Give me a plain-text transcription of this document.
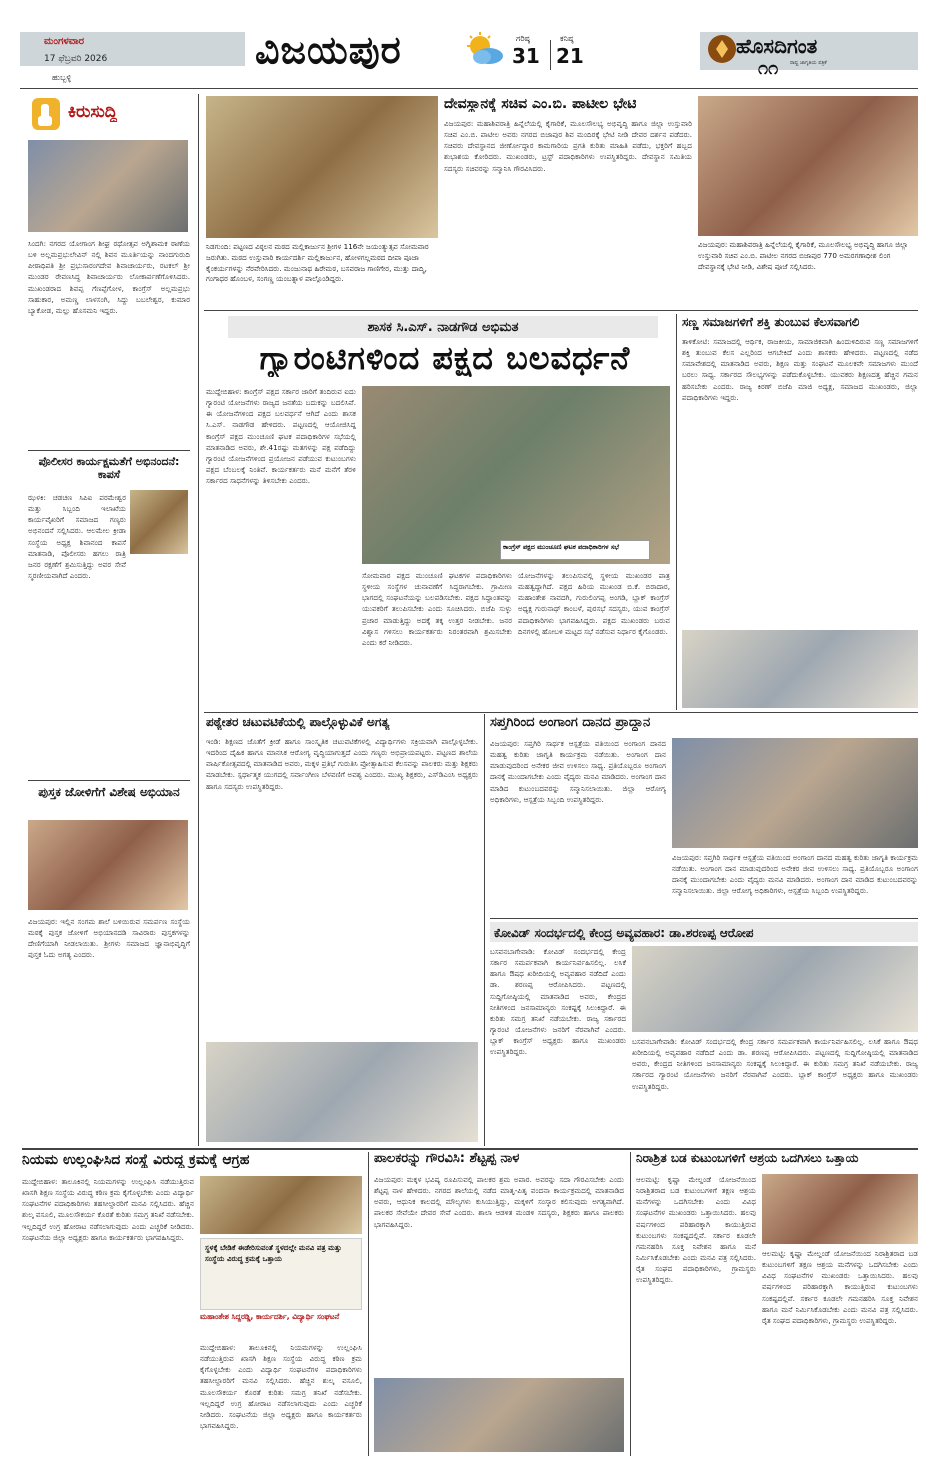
ಮಂಗಳವಾರ
17 ಫೆಬ್ರವರಿ 2026
ಹುಬ್ಬಳ್ಳಿ
ವಿಜಯಪುರ	ಗರಿಷ್ಠ
31
ಕನಿಷ್ಠ
21	ಹೊಸದಿಗಂತ
ರಾಷ್ಟ್ರ ಜಾಗೃತಿಯ ಪತ್ರಿಕೆ
೧೧
ಕಿರುಸುದ್ದಿ
ಸಿಂದಗಿ: ನಗರದ ಯೋಗಾಂಗ ಶೀಘ್ರ ರಥೋತ್ಸವ ಅಗ್ನಿಶಾಮಕ ಠಾಣೆಯ ಬಳಿ ಅಲ್ಲಮಪ್ರಭುಲೇವಿನ್ ನಲ್ಲಿ ಶಿವನ ಮೂರ್ತಿಯನ್ನು ನಾಂದಗುರುದಿ ಪೀಠಾಧಿಪತಿ ಶ್ರೀ ಪ್ರಭುಸಾರಂಗದೇವ ಶಿವಾಚಾರ್ಯರು, ರಟಕಲ್ ಶ್ರೀ ಮುಂಡರ ರೇವಣಸಿದ್ಧ ಶಿವಾಚಾರ್ಯರು ಲೋಕಾರ್ಪಣೆಗೊಳಿಸಿದರು. ಮುಖಂಡರಾದ ಶಿವಪ್ಪ ಗೆಣಪ್ಪೆಗೋಳ, ಕಾಂಗ್ರೆಸ್ ಅಲ್ಲಮಪ್ರಭು ಸಾಹುಕಾರ, ಅಮಣ್ಣ ಲಾಳಸಂಗಿ, ಸಿದ್ದು ಬಬಲೇಶ್ವರ, ಕುಮಾರ ಬ್ಯಾಕೋಡ, ಮಲ್ಲು ಹೊಸಮನಿ ಇದ್ದರು.
ಪೊಲೀಸರ ಕಾರ್ಯಕ್ಷಮತೆಗೆ ಅಭಿನಂದನೆ: ಕಾಪಸೆ
ಝಳಕಿ: ಚಡಚಣ ಸಿಪಿಐ ಪರಮೇಶ್ವರ ಮತ್ತು ಸಿಬ್ಬಂದಿ ಇಲಾಖೆಯ ಕಾರ್ಯವೈಖರಿಗೆ ಸಮಾಜದ ಗಣ್ಯರು ಅಭಿನಂದನೆ ಸಲ್ಲಿಸಿದರು. ಆಲಮೇಲ ಕ್ರೀಡಾ ಸಂಸ್ಥೆಯ ಅಧ್ಯಕ್ಷ ಶಿವಾನಂದ ಕಾಪಸೆ ಮಾತನಾಡಿ, ಪೊಲೀಸರು ಹಗಲು ರಾತ್ರಿ ಜನರ ರಕ್ಷಣೆಗೆ ಶ್ರಮಿಸುತ್ತಿದ್ದು ಅವರ ಸೇವೆ ಸ್ಮರಣೀಯವಾಗಿದೆ ಎಂದರು.
ಪುಸ್ತಕ ಜೋಳಿಗೆಗೆ ವಿಶೇಷ ಅಭಿಯಾನ
ವಿಜಯಪುರ: ಇಲ್ಲಿನ ಸಂಗಮ ಶಾಲೆ ಬಳಿಯಿರುವ ಸಮರ್ಪಣ ಸಂಸ್ಥೆಯ ಮಠಕ್ಕೆ ಪುಸ್ತಕ ಜೋಳಿಗೆ ಅಭಿಯಾನದಡಿ ಸಾವಿರಾರು ಪುಸ್ತಕಗಳನ್ನು ದೇಣಿಗೆಯಾಗಿ ನೀಡಲಾಯಿತು. ಶ್ರೀಗಳು ಸಮಾಜದ ಜ್ಞಾನಾಭಿವೃದ್ಧಿಗೆ ಪುಸ್ತಕ ಓದು ಅಗತ್ಯ ಎಂದರು.
ನಿಡಗುಂದಿ: ಪಟ್ಟಣದ ವಿಠ್ಠಲನ ಮಠದ ಮಲ್ಲಿಕಾರ್ಜುನ ಶ್ರೀಗಳ 116ನೇ ಜಯಂತ್ಯುತ್ಸವ ಸೋಮವಾರ ಜರುಗಿತು. ಮಠದ ಉಸ್ತುವಾರಿ ಕಾರ್ಯದರ್ಶಿ ಮಲ್ಲಿಕಾರ್ಜುನ, ಹೋಳಗಲ್ಲಮಠದ ದೀಪಾ ಪೂಜಾ ಕೈಂಕರ್ಯಗಳನ್ನು ನೆರವೇರಿಸಿದರು. ಮಂಜುನಾಥ ಹಿರೇಮಠ, ಬಸವರಾಜ ಗಾಣಿಗೇರ, ಮುತ್ತು ದಾದ್ಮಿ, ಗಂಗಾಧರ ಹೊಂಬಳ, ಸಂಗಣ್ಣ ಯಂಬತ್ನಾಳ ಪಾಲ್ಗೊಂಡಿದ್ದರು.
ದೇವಸ್ಥಾನಕ್ಕೆ ಸಚಿವ ಎಂ.ಬಿ. ಪಾಟೀಲ ಭೇಟಿ
ವಿಜಯಪುರ: ಮಹಾಶಿವರಾತ್ರಿ ಹಿನ್ನೆಲೆಯಲ್ಲಿ ಕೈಗಾರಿಕೆ, ಮೂಲಸೌಲಭ್ಯ ಅಭಿವೃದ್ಧಿ ಹಾಗೂ ಜಿಲ್ಲಾ ಉಸ್ತುವಾರಿ ಸಚಿವ ಎಂ.ಬಿ. ಪಾಟೀಲ ಅವರು ನಗರದ ಬಿಜಾಪುರ ಶಿವ ಮಂದಿರಕ್ಕೆ ಭೇಟಿ ನೀಡಿ ದೇವರ ದರ್ಶನ ಪಡೆದರು. ಸಚಿವರು ದೇವಸ್ಥಾನದ ಜೀರ್ಣೋದ್ಧಾರ ಕಾಮಗಾರಿಯ ಪ್ರಗತಿ ಕುರಿತು ಮಾಹಿತಿ ಪಡೆದು, ಭಕ್ತರಿಗೆ ಹಬ್ಬದ ಶುಭಾಶಯ ಕೋರಿದರು. ಮುಖಂಡರು, ಟ್ರಸ್ಟ್ ಪದಾಧಿಕಾರಿಗಳು ಉಪಸ್ಥಿತರಿದ್ದರು. ದೇವಸ್ಥಾನ ಸಮಿತಿಯ ಸದಸ್ಯರು ಸಚಿವರನ್ನು ಸನ್ಮಾನಿಸಿ ಗೌರವಿಸಿದರು.
ವಿಜಯಪುರ: ಮಹಾಶಿವರಾತ್ರಿ ಹಿನ್ನೆಲೆಯಲ್ಲಿ ಕೈಗಾರಿಕೆ, ಮೂಲಸೌಲಭ್ಯ ಅಭಿವೃದ್ಧಿ ಹಾಗೂ ಜಿಲ್ಲಾ ಉಸ್ತುವಾರಿ ಸಚಿವ ಎಂ.ಬಿ. ಪಾಟೀಲ ನಗರದ ಬಿಜಾಪುರ 770 ಅಮರಗಣಾಧೀಶ ಲಿಂಗ ದೇವಸ್ಥಾನಕ್ಕೆ ಭೇಟಿ ನೀಡಿ, ವಿಶೇಷ ಪೂಜೆ ಸಲ್ಲಿಸಿದರು.
ಶಾಸಕ ಸಿ.ಎಸ್. ನಾಡಗೌಡ ಅಭಿಮತ
ಗ್ಯಾರಂಟಿಗಳಿಂದ ಪಕ್ಷದ ಬಲವರ್ಧನೆ
ಮುದ್ದೇಬಿಹಾಳ: ಕಾಂಗ್ರೆಸ್ ಪಕ್ಷದ ಸರ್ಕಾರ ಜಾರಿಗೆ ತಂದಿರುವ ಐದು ಗ್ಯಾರಂಟಿ ಯೋಜನೆಗಳು ರಾಜ್ಯದ ಜನತೆಯ ಬದುಕನ್ನು ಬದಲಿಸಿವೆ. ಈ ಯೋಜನೆಗಳಿಂದ ಪಕ್ಷದ ಬಲವರ್ಧನೆ ಆಗಿದೆ ಎಂದು ಶಾಸಕ ಸಿ.ಎಸ್. ನಾಡಗೌಡ ಹೇಳಿದರು. ಪಟ್ಟಣದಲ್ಲಿ ಆಯೋಜಿಸಿದ್ದ ಕಾಂಗ್ರೆಸ್ ಪಕ್ಷದ ಮುಂಚೂಣಿ ಘಟಕ ಪದಾಧಿಕಾರಿಗಳ ಸಭೆಯಲ್ಲಿ ಮಾತನಾಡಿದ ಅವರು, ಶೇ.41ರಷ್ಟು ಮತಗಳನ್ನು ಪಕ್ಷ ಪಡೆದಿದ್ದು ಗ್ಯಾರಂಟಿ ಯೋಜನೆಗಳಿಂದ ಪ್ರಯೋಜನ ಪಡೆಯುವ ಕುಟುಂಬಗಳು ಪಕ್ಷದ ಬೆಂಬಲಕ್ಕೆ ನಿಂತಿವೆ. ಕಾರ್ಯಕರ್ತರು ಮನೆ ಮನೆಗೆ ತೆರಳಿ ಸರ್ಕಾರದ ಸಾಧನೆಗಳನ್ನು ತಿಳಿಸಬೇಕು ಎಂದರು.
ಕಾಂಗ್ರೆಸ್ ಪಕ್ಷದ ಮುಂಚೂಣಿ ಘಟಕ ಪದಾಧಿಕಾರಿಗಳ ಸಭೆ
ಸೋಮವಾರ ಪಕ್ಷದ ಮುಂಚೂಣಿ ಘಟಕಗಳ ಪದಾಧಿಕಾರಿಗಳು ಸ್ಥಳೀಯ ಸಂಸ್ಥೆಗಳ ಚುನಾವಣೆಗೆ ಸಿದ್ಧರಾಗಬೇಕು. ಗ್ರಾಮೀಣ ಭಾಗದಲ್ಲಿ ಸಂಘಟನೆಯನ್ನು ಬಲಪಡಿಸಬೇಕು. ಪಕ್ಷದ ಸಿದ್ಧಾಂತವನ್ನು ಯುವಕರಿಗೆ ತಲುಪಿಸಬೇಕು ಎಂದು ಸೂಚಿಸಿದರು. ಬಿಜೆಪಿ ಸುಳ್ಳು ಪ್ರಚಾರ ಮಾಡುತ್ತಿದ್ದು ಅದಕ್ಕೆ ತಕ್ಕ ಉತ್ತರ ನೀಡಬೇಕು. ಜನರ ವಿಶ್ವಾಸ ಗಳಿಸಲು ಕಾರ್ಯಕರ್ತರು ನಿರಂತರವಾಗಿ ಶ್ರಮಿಸಬೇಕು ಎಂದು ಕರೆ ನೀಡಿದರು.
ಯೋಜನೆಗಳನ್ನು ತಲುಪಿಸುವಲ್ಲಿ ಸ್ಥಳೀಯ ಮುಖಂಡರ ಪಾತ್ರ ಮಹತ್ವದ್ದಾಗಿದೆ. ಪಕ್ಷದ ಹಿರಿಯ ಮುಖಂಡ ಬಿ.ಕೆ. ಬಿರಾದಾರ, ಮಹಾಂತೇಶ ನಾವದಗಿ, ಗುರುಲಿಂಗಪ್ಪ ಅಂಗಡಿ, ಬ್ಲಾಕ್ ಕಾಂಗ್ರೆಸ್ ಅಧ್ಯಕ್ಷ ಗುರುನಾಥ್ ಕಾಂಬಳೆ, ಪುರಸಭೆ ಸದಸ್ಯರು, ಯುವ ಕಾಂಗ್ರೆಸ್ ಪದಾಧಿಕಾರಿಗಳು ಭಾಗವಹಿಸಿದ್ದರು. ಪಕ್ಷದ ಮುಖಂಡರು ಬರುವ ದಿನಗಳಲ್ಲಿ ಹೋಬಳಿ ಮಟ್ಟದ ಸಭೆ ನಡೆಸುವ ನಿರ್ಧಾರ ಕೈಗೊಂಡರು.
ಸಣ್ಣ ಸಮಾಜಗಳಿಗೆ ಶಕ್ತಿ ತುಂಬುವ ಕೆಲಸವಾಗಲಿ
ತಾಳಿಕೋಟಿ: ಸಮಾಜದಲ್ಲಿ ಆರ್ಥಿಕ, ರಾಜಕೀಯ, ಸಾಮಾಜಿಕವಾಗಿ ಹಿಂದುಳಿದಿರುವ ಸಣ್ಣ ಸಮಾಜಗಳಿಗೆ ಶಕ್ತಿ ತುಂಬುವ ಕೆಲಸ ಎಲ್ಲರಿಂದ ಆಗಬೇಕಿದೆ ಎಂದು ಶಾಸಕರು ಹೇಳಿದರು. ಪಟ್ಟಣದಲ್ಲಿ ನಡೆದ ಸಮಾವೇಶದಲ್ಲಿ ಮಾತನಾಡಿದ ಅವರು, ಶಿಕ್ಷಣ ಮತ್ತು ಸಂಘಟನೆ ಮೂಲಕವೇ ಸಮಾಜಗಳು ಮುಂದೆ ಬರಲು ಸಾಧ್ಯ. ಸರ್ಕಾರದ ಸೌಲಭ್ಯಗಳನ್ನು ಪಡೆದುಕೊಳ್ಳಬೇಕು. ಯುವಕರು ಶಿಕ್ಷಣದತ್ತ ಹೆಚ್ಚಿನ ಗಮನ ಹರಿಸಬೇಕು ಎಂದರು. ರಾಜ್ಯ ಕಿರಣ್ ಬಿಜೆಪಿ ಮಾಜಿ ಅಧ್ಯಕ್ಷ, ಸಮಾಜದ ಮುಖಂಡರು, ಜಿಲ್ಲಾ ಪದಾಧಿಕಾರಿಗಳು ಇದ್ದರು.
ಪಠ್ಯೇತರ ಚಟುವಟಿಕೆಯಲ್ಲಿ ಪಾಲ್ಗೊಳ್ಳುವಿಕೆ ಅಗತ್ಯ
ಇಂಡಿ: ಶಿಕ್ಷಣದ ಜೊತೆಗೆ ಕ್ರೀಡೆ ಹಾಗೂ ಸಾಂಸ್ಕೃತಿಕ ಚಟುವಟಿಕೆಗಳಲ್ಲಿ ವಿದ್ಯಾರ್ಥಿಗಳು ಸಕ್ರಿಯವಾಗಿ ಪಾಲ್ಗೊಳ್ಳಬೇಕು. ಇದರಿಂದ ದೈಹಿಕ ಹಾಗೂ ಮಾನಸಿಕ ಆರೋಗ್ಯ ವೃದ್ಧಿಯಾಗುತ್ತದೆ ಎಂದು ಗಣ್ಯರು ಅಭಿಪ್ರಾಯಪಟ್ಟರು. ಪಟ್ಟಣದ ಶಾಲೆಯ ವಾರ್ಷಿಕೋತ್ಸವದಲ್ಲಿ ಮಾತನಾಡಿದ ಅವರು, ಮಕ್ಕಳ ಪ್ರತಿಭೆ ಗುರುತಿಸಿ ಪ್ರೋತ್ಸಾಹಿಸುವ ಕೆಲಸವನ್ನು ಪಾಲಕರು ಮತ್ತು ಶಿಕ್ಷಕರು ಮಾಡಬೇಕು. ಸ್ಪರ್ಧಾತ್ಮಕ ಯುಗದಲ್ಲಿ ಸರ್ವಾಂಗೀಣ ಬೆಳವಣಿಗೆ ಅವಶ್ಯ ಎಂದರು. ಮುಖ್ಯ ಶಿಕ್ಷಕರು, ಎಸ್‌ಡಿಎಂಸಿ ಅಧ್ಯಕ್ಷರು ಹಾಗೂ ಸದಸ್ಯರು ಉಪಸ್ಥಿತರಿದ್ದರು.
ಸಪ್ತಗಿರಿಂದ ಅಂಗಾಂಗ ದಾನದ ಪ್ರಾದ್ಧಾನ
ವಿಜಯಪುರ: ಸಪ್ತಗಿರಿ ಸಾರ್ಥಕ ಆಸ್ಪತ್ರೆಯ ವತಿಯಿಂದ ಅಂಗಾಂಗ ದಾನದ ಮಹತ್ವ ಕುರಿತು ಜಾಗೃತಿ ಕಾರ್ಯಕ್ರಮ ನಡೆಯಿತು. ಅಂಗಾಂಗ ದಾನ ಮಾಡುವುದರಿಂದ ಅನೇಕರ ಜೀವ ಉಳಿಸಲು ಸಾಧ್ಯ. ಪ್ರತಿಯೊಬ್ಬರೂ ಅಂಗಾಂಗ ದಾನಕ್ಕೆ ಮುಂದಾಗಬೇಕು ಎಂದು ವೈದ್ಯರು ಮನವಿ ಮಾಡಿದರು. ಅಂಗಾಂಗ ದಾನ ಮಾಡಿದ ಕುಟುಂಬದವರನ್ನು ಸನ್ಮಾನಿಸಲಾಯಿತು. ಜಿಲ್ಲಾ ಆರೋಗ್ಯ ಅಧಿಕಾರಿಗಳು, ಆಸ್ಪತ್ರೆಯ ಸಿಬ್ಬಂದಿ ಉಪಸ್ಥಿತರಿದ್ದರು.
ವಿಜಯಪುರ: ಸಪ್ತಗಿರಿ ಸಾರ್ಥಕ ಆಸ್ಪತ್ರೆಯ ವತಿಯಿಂದ ಅಂಗಾಂಗ ದಾನದ ಮಹತ್ವ ಕುರಿತು ಜಾಗೃತಿ ಕಾರ್ಯಕ್ರಮ ನಡೆಯಿತು. ಅಂಗಾಂಗ ದಾನ ಮಾಡುವುದರಿಂದ ಅನೇಕರ ಜೀವ ಉಳಿಸಲು ಸಾಧ್ಯ. ಪ್ರತಿಯೊಬ್ಬರೂ ಅಂಗಾಂಗ ದಾನಕ್ಕೆ ಮುಂದಾಗಬೇಕು ಎಂದು ವೈದ್ಯರು ಮನವಿ ಮಾಡಿದರು. ಅಂಗಾಂಗ ದಾನ ಮಾಡಿದ ಕುಟುಂಬದವರನ್ನು ಸನ್ಮಾನಿಸಲಾಯಿತು. ಜಿಲ್ಲಾ ಆರೋಗ್ಯ ಅಧಿಕಾರಿಗಳು, ಆಸ್ಪತ್ರೆಯ ಸಿಬ್ಬಂದಿ ಉಪಸ್ಥಿತರಿದ್ದರು.
ಕೋವಿಡ್ ಸಂದರ್ಭದಲ್ಲಿ ಕೇಂದ್ರ ಅವ್ಯವಹಾರ: ಡಾ.ಶರಣಪ್ಪ ಆರೋಪ
ಬಸವನಬಾಗೇವಾಡಿ: ಕೋವಿಡ್ ಸಂದರ್ಭದಲ್ಲಿ ಕೇಂದ್ರ ಸರ್ಕಾರ ಸಮರ್ಪಕವಾಗಿ ಕಾರ್ಯನಿರ್ವಹಿಸಲಿಲ್ಲ. ಲಸಿಕೆ ಹಾಗೂ ಔಷಧ ಖರೀದಿಯಲ್ಲಿ ಅವ್ಯವಹಾರ ನಡೆದಿದೆ ಎಂದು ಡಾ. ಶರಣಪ್ಪ ಆರೋಪಿಸಿದರು. ಪಟ್ಟಣದಲ್ಲಿ ಸುದ್ದಿಗೋಷ್ಠಿಯಲ್ಲಿ ಮಾತನಾಡಿದ ಅವರು, ಕೇಂದ್ರದ ನೀತಿಗಳಿಂದ ಜನಸಾಮಾನ್ಯರು ಸಂಕಷ್ಟಕ್ಕೆ ಸಿಲುಕಿದ್ದಾರೆ. ಈ ಕುರಿತು ಸಮಗ್ರ ತನಿಖೆ ನಡೆಯಬೇಕು. ರಾಜ್ಯ ಸರ್ಕಾರದ ಗ್ಯಾರಂಟಿ ಯೋಜನೆಗಳು ಜನರಿಗೆ ನೆರವಾಗಿವೆ ಎಂದರು. ಬ್ಲಾಕ್ ಕಾಂಗ್ರೆಸ್ ಅಧ್ಯಕ್ಷರು ಹಾಗೂ ಮುಖಂಡರು ಉಪಸ್ಥಿತರಿದ್ದರು.
ಬಸವನಬಾಗೇವಾಡಿ: ಕೋವಿಡ್ ಸಂದರ್ಭದಲ್ಲಿ ಕೇಂದ್ರ ಸರ್ಕಾರ ಸಮರ್ಪಕವಾಗಿ ಕಾರ್ಯನಿರ್ವಹಿಸಲಿಲ್ಲ. ಲಸಿಕೆ ಹಾಗೂ ಔಷಧ ಖರೀದಿಯಲ್ಲಿ ಅವ್ಯವಹಾರ ನಡೆದಿದೆ ಎಂದು ಡಾ. ಶರಣಪ್ಪ ಆರೋಪಿಸಿದರು. ಪಟ್ಟಣದಲ್ಲಿ ಸುದ್ದಿಗೋಷ್ಠಿಯಲ್ಲಿ ಮಾತನಾಡಿದ ಅವರು, ಕೇಂದ್ರದ ನೀತಿಗಳಿಂದ ಜನಸಾಮಾನ್ಯರು ಸಂಕಷ್ಟಕ್ಕೆ ಸಿಲುಕಿದ್ದಾರೆ. ಈ ಕುರಿತು ಸಮಗ್ರ ತನಿಖೆ ನಡೆಯಬೇಕು. ರಾಜ್ಯ ಸರ್ಕಾರದ ಗ್ಯಾರಂಟಿ ಯೋಜನೆಗಳು ಜನರಿಗೆ ನೆರವಾಗಿವೆ ಎಂದರು. ಬ್ಲಾಕ್ ಕಾಂಗ್ರೆಸ್ ಅಧ್ಯಕ್ಷರು ಹಾಗೂ ಮುಖಂಡರು ಉಪಸ್ಥಿತರಿದ್ದರು.
ನಿಯಮ ಉಲ್ಲಂಘಿಸಿದ ಸಂಸ್ಥೆ ವಿರುದ್ಧ ಕ್ರಮಕ್ಕೆ ಆಗ್ರಹ
ಮುದ್ದೇಬಿಹಾಳ: ತಾಲೂಕಿನಲ್ಲಿ ನಿಯಮಗಳನ್ನು ಉಲ್ಲಂಘಿಸಿ ನಡೆಯುತ್ತಿರುವ ಖಾಸಗಿ ಶಿಕ್ಷಣ ಸಂಸ್ಥೆಯ ವಿರುದ್ಧ ಕಠಿಣ ಕ್ರಮ ಕೈಗೊಳ್ಳಬೇಕು ಎಂದು ವಿದ್ಯಾರ್ಥಿ ಸಂಘಟನೆಗಳ ಪದಾಧಿಕಾರಿಗಳು ತಹಸೀಲ್ದಾರರಿಗೆ ಮನವಿ ಸಲ್ಲಿಸಿದರು. ಹೆಚ್ಚಿನ ಶುಲ್ಕ ವಸೂಲಿ, ಮೂಲಸೌಕರ್ಯ ಕೊರತೆ ಕುರಿತು ಸಮಗ್ರ ತನಿಖೆ ನಡೆಸಬೇಕು. ಇಲ್ಲದಿದ್ದರೆ ಉಗ್ರ ಹೋರಾಟ ನಡೆಸಲಾಗುವುದು ಎಂದು ಎಚ್ಚರಿಕೆ ನೀಡಿದರು. ಸಂಘಟನೆಯ ಜಿಲ್ಲಾ ಅಧ್ಯಕ್ಷರು ಹಾಗೂ ಕಾರ್ಯಕರ್ತರು ಭಾಗವಹಿಸಿದ್ದರು.
ಸ್ಥಳಕ್ಕೆ ಬೇಡಿಕೆ ಈಡೇರಿಸುವಂತೆ ಸ್ಥಳದಲ್ಲೇ ಮನವಿ ಪತ್ರ ಮತ್ತು ಸಂಸ್ಥೆಯ ವಿರುದ್ಧ ಕ್ರಮಕ್ಕೆ ಒತ್ತಾಯ
ಮಹಾಂತೇಶ ಸಿದ್ದರಡ್ಡಿ, ಕಾರ್ಯದರ್ಶಿ, ವಿದ್ಯಾರ್ಥಿ ಸಂಘಟನೆ
ಮುದ್ದೇಬಿಹಾಳ: ತಾಲೂಕಿನಲ್ಲಿ ನಿಯಮಗಳನ್ನು ಉಲ್ಲಂಘಿಸಿ ನಡೆಯುತ್ತಿರುವ ಖಾಸಗಿ ಶಿಕ್ಷಣ ಸಂಸ್ಥೆಯ ವಿರುದ್ಧ ಕಠಿಣ ಕ್ರಮ ಕೈಗೊಳ್ಳಬೇಕು ಎಂದು ವಿದ್ಯಾರ್ಥಿ ಸಂಘಟನೆಗಳ ಪದಾಧಿಕಾರಿಗಳು ತಹಸೀಲ್ದಾರರಿಗೆ ಮನವಿ ಸಲ್ಲಿಸಿದರು. ಹೆಚ್ಚಿನ ಶುಲ್ಕ ವಸೂಲಿ, ಮೂಲಸೌಕರ್ಯ ಕೊರತೆ ಕುರಿತು ಸಮಗ್ರ ತನಿಖೆ ನಡೆಸಬೇಕು. ಇಲ್ಲದಿದ್ದರೆ ಉಗ್ರ ಹೋರಾಟ ನಡೆಸಲಾಗುವುದು ಎಂದು ಎಚ್ಚರಿಕೆ ನೀಡಿದರು. ಸಂಘಟನೆಯ ಜಿಲ್ಲಾ ಅಧ್ಯಕ್ಷರು ಹಾಗೂ ಕಾರ್ಯಕರ್ತರು ಭಾಗವಹಿಸಿದ್ದರು.
ಪಾಲಕರನ್ನು ಗೌರವಿಸಿ: ಶೆಟ್ಟಪ್ಪ ನಾಳ
ವಿಜಯಪುರ: ಮಕ್ಕಳ ಭವಿಷ್ಯ ರೂಪಿಸುವಲ್ಲಿ ಪಾಲಕರ ಶ್ರಮ ಅಪಾರ. ಅವರನ್ನು ಸದಾ ಗೌರವಿಸಬೇಕು ಎಂದು ಶೆಟ್ಟಪ್ಪ ನಾಳ ಹೇಳಿದರು. ನಗರದ ಶಾಲೆಯಲ್ಲಿ ನಡೆದ ಮಾತೃ-ಪಿತೃ ವಂದನಾ ಕಾರ್ಯಕ್ರಮದಲ್ಲಿ ಮಾತನಾಡಿದ ಅವರು, ಆಧುನಿಕ ಕಾಲದಲ್ಲಿ ಮೌಲ್ಯಗಳು ಕುಸಿಯುತ್ತಿದ್ದು, ಮಕ್ಕಳಿಗೆ ಸಂಸ್ಕಾರ ಕಲಿಸುವುದು ಅಗತ್ಯವಾಗಿದೆ. ಪಾಲಕರ ಸೇವೆಯೇ ದೇವರ ಸೇವೆ ಎಂದರು. ಶಾಲಾ ಆಡಳಿತ ಮಂಡಳಿ ಸದಸ್ಯರು, ಶಿಕ್ಷಕರು ಹಾಗೂ ಪಾಲಕರು ಭಾಗವಹಿಸಿದ್ದರು.
ನಿರಾಶ್ರಿತ ಬಡ ಕುಟುಂಬಗಳಿಗೆ ಆಶ್ರಯ ಒದಗಿಸಲು ಒತ್ತಾಯ
ಆಲಮಟ್ಟಿ: ಕೃಷ್ಣಾ ಮೇಲ್ದಂಡೆ ಯೋಜನೆಯಿಂದ ನಿರಾಶ್ರಿತರಾದ ಬಡ ಕುಟುಂಬಗಳಿಗೆ ತಕ್ಷಣ ಆಶ್ರಯ ಮನೆಗಳನ್ನು ಒದಗಿಸಬೇಕು ಎಂದು ವಿವಿಧ ಸಂಘಟನೆಗಳ ಮುಖಂಡರು ಒತ್ತಾಯಿಸಿದರು. ಹಲವು ವರ್ಷಗಳಿಂದ ಪರಿಹಾರಕ್ಕಾಗಿ ಕಾಯುತ್ತಿರುವ ಕುಟುಂಬಗಳು ಸಂಕಷ್ಟದಲ್ಲಿವೆ. ಸರ್ಕಾರ ಕೂಡಲೇ ಗಮನಹರಿಸಿ ಸೂಕ್ತ ನಿವೇಶನ ಹಾಗೂ ಮನೆ ನಿರ್ಮಿಸಿಕೊಡಬೇಕು ಎಂದು ಮನವಿ ಪತ್ರ ಸಲ್ಲಿಸಿದರು. ರೈತ ಸಂಘದ ಪದಾಧಿಕಾರಿಗಳು, ಗ್ರಾಮಸ್ಥರು ಉಪಸ್ಥಿತರಿದ್ದರು.
ಆಲಮಟ್ಟಿ: ಕೃಷ್ಣಾ ಮೇಲ್ದಂಡೆ ಯೋಜನೆಯಿಂದ ನಿರಾಶ್ರಿತರಾದ ಬಡ ಕುಟುಂಬಗಳಿಗೆ ತಕ್ಷಣ ಆಶ್ರಯ ಮನೆಗಳನ್ನು ಒದಗಿಸಬೇಕು ಎಂದು ವಿವಿಧ ಸಂಘಟನೆಗಳ ಮುಖಂಡರು ಒತ್ತಾಯಿಸಿದರು. ಹಲವು ವರ್ಷಗಳಿಂದ ಪರಿಹಾರಕ್ಕಾಗಿ ಕಾಯುತ್ತಿರುವ ಕುಟುಂಬಗಳು ಸಂಕಷ್ಟದಲ್ಲಿವೆ. ಸರ್ಕಾರ ಕೂಡಲೇ ಗಮನಹರಿಸಿ ಸೂಕ್ತ ನಿವೇಶನ ಹಾಗೂ ಮನೆ ನಿರ್ಮಿಸಿಕೊಡಬೇಕು ಎಂದು ಮನವಿ ಪತ್ರ ಸಲ್ಲಿಸಿದರು. ರೈತ ಸಂಘದ ಪದಾಧಿಕಾರಿಗಳು, ಗ್ರಾಮಸ್ಥರು ಉಪಸ್ಥಿತರಿದ್ದರು.
